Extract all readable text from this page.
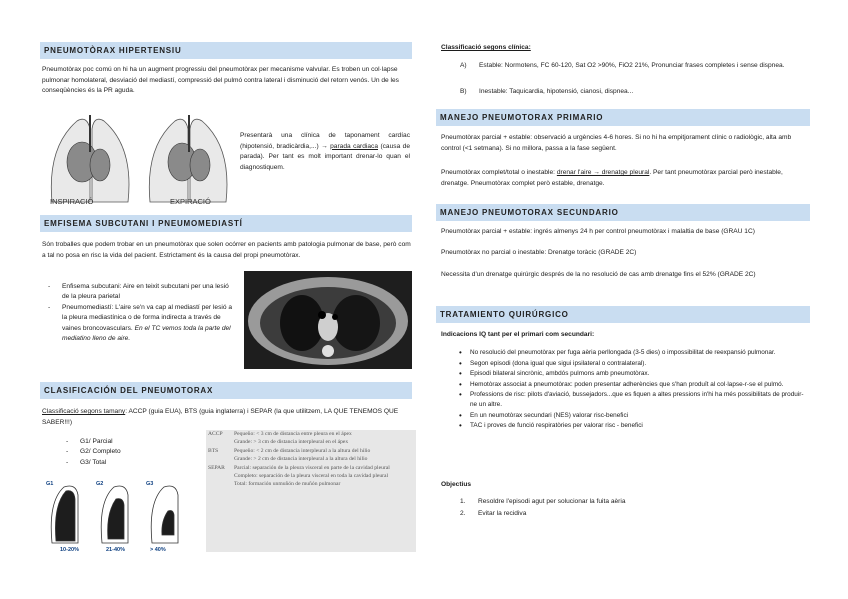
PNEUMOTÒRAX HIPERTENSIU
Pneumotòrax poc comú on hi ha un augment progressiu del pneumotòrax per mecanisme valvular. Es troben un col·lapse pulmonar homolateral, desviació del mediastí, compressió del pulmó contra lateral i disminució del retorn venós. Un de les conseqüències és la PR aguda.
INSPIRACIÓ	EXPIRACIÓ
Presentarà una clínica de taponament cardíac (hipotensió, bradicàrdia,...) → parada cardiaca (causa de parada). Per tant es molt important drenar-lo quan el diagnostiquem.
EMFISEMA SUBCUTANI I PNEUMOMEDIASTÍ
Són troballes que podem trobar en un pneumotòrax que solen ocórrer en pacients amb patologia pulmonar de base, però com a tal no posa en risc la vida del pacient. Estrictament és la causa del propi pneumotòrax.
- Enfisema subcutani: Aire en teixit subcutani per una lesió de la pleura parietal
- Pneumomediastí: L'aire se'n va cap al mediastí per lesió a la pleura mediastínica o de forma indirecta a través de vaines broncovasculars. En el TC vemos toda la parte del mediatino lleno de aire.
CLASIFICACIÓN DEL PNEUMOTORAX
Classificació segons tamany: ACCP (guia EUA), BTS (guia inglaterra) i SEPAR (la que utilitzem, LA QUE TENEMOS QUE SABER!!!)
- G1/ Parcial
- G2/ Completo
- G3/ Total
G1	G2	G3
10-20%	21-40%	> 40%
ACCP	Pequeño: < 3 cm de distancia entre pleura en el ápex
Grande: > 3 cm de distancia interpleural en el ápex
BTS	Pequeño: < 2 cm de distancia interpleural a la altura del hilio
Grande: > 2 cm de distancia interpleural a la altura del hilio
SEPAR	Parcial: separación de la pleura visceral en parte de la cavidad pleural
Completo: separación de la pleura visceral en toda la cavidad pleural
Total: formación unmuñón de muñón pulmonar
Classificació segons clínica:
A) Estable: Normotens, FC 60-120, Sat O2 >90%, FiO2 21%, Pronunciar frases completes i sense dispnea.
B) Inestable: Taquicardia, hipotensió, cianosi, dispnea...
MANEJO PNEUMOTORAX PRIMARIO
Pneumotòrax parcial + estable: observació a urgències 4-6 hores. Si no hi ha empitjorament clínic o radiològic, alta amb control (<1 setmana). Si no millora, passa a la fase següent.
Pneumotòrax complet/total o inestable: drenar l'aire → drenatge pleural. Per tant pneumotòrax parcial però inestable, drenatge. Pneumotòrax complet però estable, drenatge.
MANEJO PNEUMOTORAX SECUNDARIO
Pneumotòrax parcial + estable: ingrés almenys 24 h per control pneumotòrax i malaltia de base (GRAU 1C)
Pneumotòrax no parcial o inestable: Drenatge toràcic (GRADE 2C)
Necessita d'un drenatge quirúrgic després de la no resolució de cas amb drenatge fins el 52% (GRADE 2C)
TRATAMIENTO QUIRÚRGICO
Indicacions IQ tant per el primari com secundari:
• No resolució del pneumotòrax per fuga aèria perllongada (3-5 dies) o impossibilitat de reexpansió pulmonar.
• Segon episodi (dona igual que sigui ipsilateral o contralateral).
• Episodi bilateral sincrònic, ambdós pulmons amb pneumotòrax.
• Hemotòrax associat a pneumotòrax: poden presentar adherències que s'han produït al col·lapse-r-se el pulmó.
• Professions de risc: pilots d'aviació, bussejadors...que es fiquen a altes pressions in'hi ha més possibilitats de produir-ne un altre.
• En un neumotòrax secundari (NES) valorar risc-benefici
• TAC i proves de funció respiratòries per valorar risc - benefici
Objectius
1. Resoldre l'episodi agut per solucionar la fuita aèria
2. Evitar la recidiva
